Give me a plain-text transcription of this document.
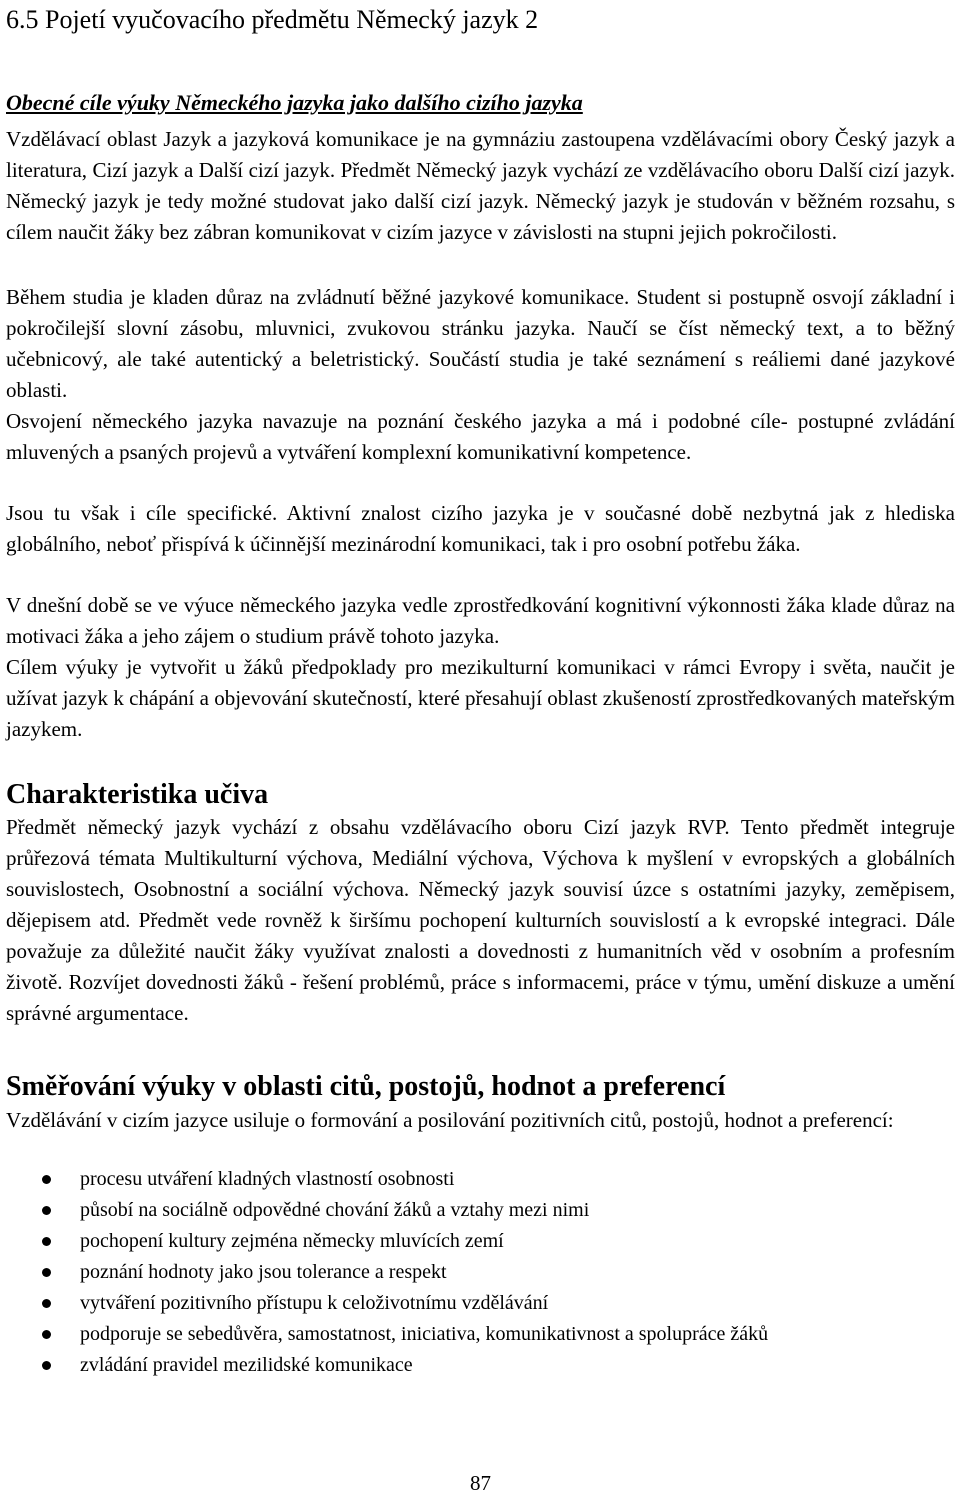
6.5 Pojetí vyučovacího předmětu Německý jazyk 2

Obecné cíle výuky Německého jazyka jako dalšího cizího jazyka

Vzdělávací oblast Jazyk a jazyková komunikace je na gymnáziu zastoupena vzdělávacími obory Český jazyk a literatura, Cizí jazyk a Další cizí jazyk. Předmět Německý jazyk vychází ze vzdělávacího oboru Další cizí jazyk. Německý jazyk je tedy možné studovat jako další cizí jazyk. Německý jazyk je studován v běžném rozsahu, s cílem naučit žáky bez zábran komunikovat v cizím jazyce v závislosti na stupni jejich pokročilosti.

Během studia je kladen důraz na zvládnutí běžné jazykové komunikace. Student si postupně osvojí základní i pokročilejší slovní zásobu, mluvnici, zvukovou stránku jazyka. Naučí se číst německý text, a to běžný učebnicový, ale také autentický a beletristický. Součástí studia je také seznámení s reáliemi dané jazykové oblasti.

Osvojení německého jazyka navazuje na poznání českého jazyka a má i podobné cíle- postupné zvládání mluvených a psaných projevů a vytváření komplexní komunikativní kompetence.

Jsou tu však i cíle specifické. Aktivní znalost cizího jazyka je v současné době nezbytná jak z hlediska globálního, neboť přispívá k účinnější mezinárodní komunikaci, tak i pro osobní potřebu žáka.

V dnešní době se ve výuce německého jazyka vedle zprostředkování kognitivní výkonnosti žáka klade důraz na motivaci žáka a jeho zájem o studium právě tohoto jazyka.

Cílem výuky je vytvořit u žáků předpoklady pro mezikulturní komunikaci v rámci Evropy i světa, naučit je užívat jazyk k chápání a objevování skutečností, které přesahují oblast zkušeností zprostředkovaných mateřským jazykem.

Charakteristika učiva

Předmět německý jazyk vychází z obsahu vzdělávacího oboru Cizí jazyk RVP. Tento předmět integruje průřezová témata Multikulturní výchova, Mediální výchova, Výchova k myšlení v evropských a globálních souvislostech, Osobnostní a sociální výchova. Německý jazyk souvisí úzce s ostatními jazyky, zeměpisem, dějepisem atd. Předmět vede rovněž k širšímu pochopení kulturních souvislostí a k evropské integraci. Dále považuje za důležité naučit žáky využívat znalosti a dovednosti z humanitních věd v osobním a profesním životě. Rozvíjet dovednosti žáků - řešení problémů, práce s informacemi, práce v týmu, umění diskuze a umění správné argumentace.

Směřování výuky v oblasti citů, postojů, hodnot a preferencí

Vzdělávání v cizím jazyce usiluje o formování a posilování pozitivních citů, postojů, hodnot a preferencí:

procesu utváření kladných vlastností osobnosti
působí na sociálně odpovědné chování žáků a vztahy mezi nimi
pochopení kultury zejména německy mluvících zemí
poznání hodnoty jako jsou tolerance a respekt
vytváření pozitivního přístupu k celoživotnímu vzdělávání
podporuje se sebedůvěra, samostatnost, iniciativa, komunikativnost a spolupráce žáků
zvládání pravidel mezilidské komunikace
87
